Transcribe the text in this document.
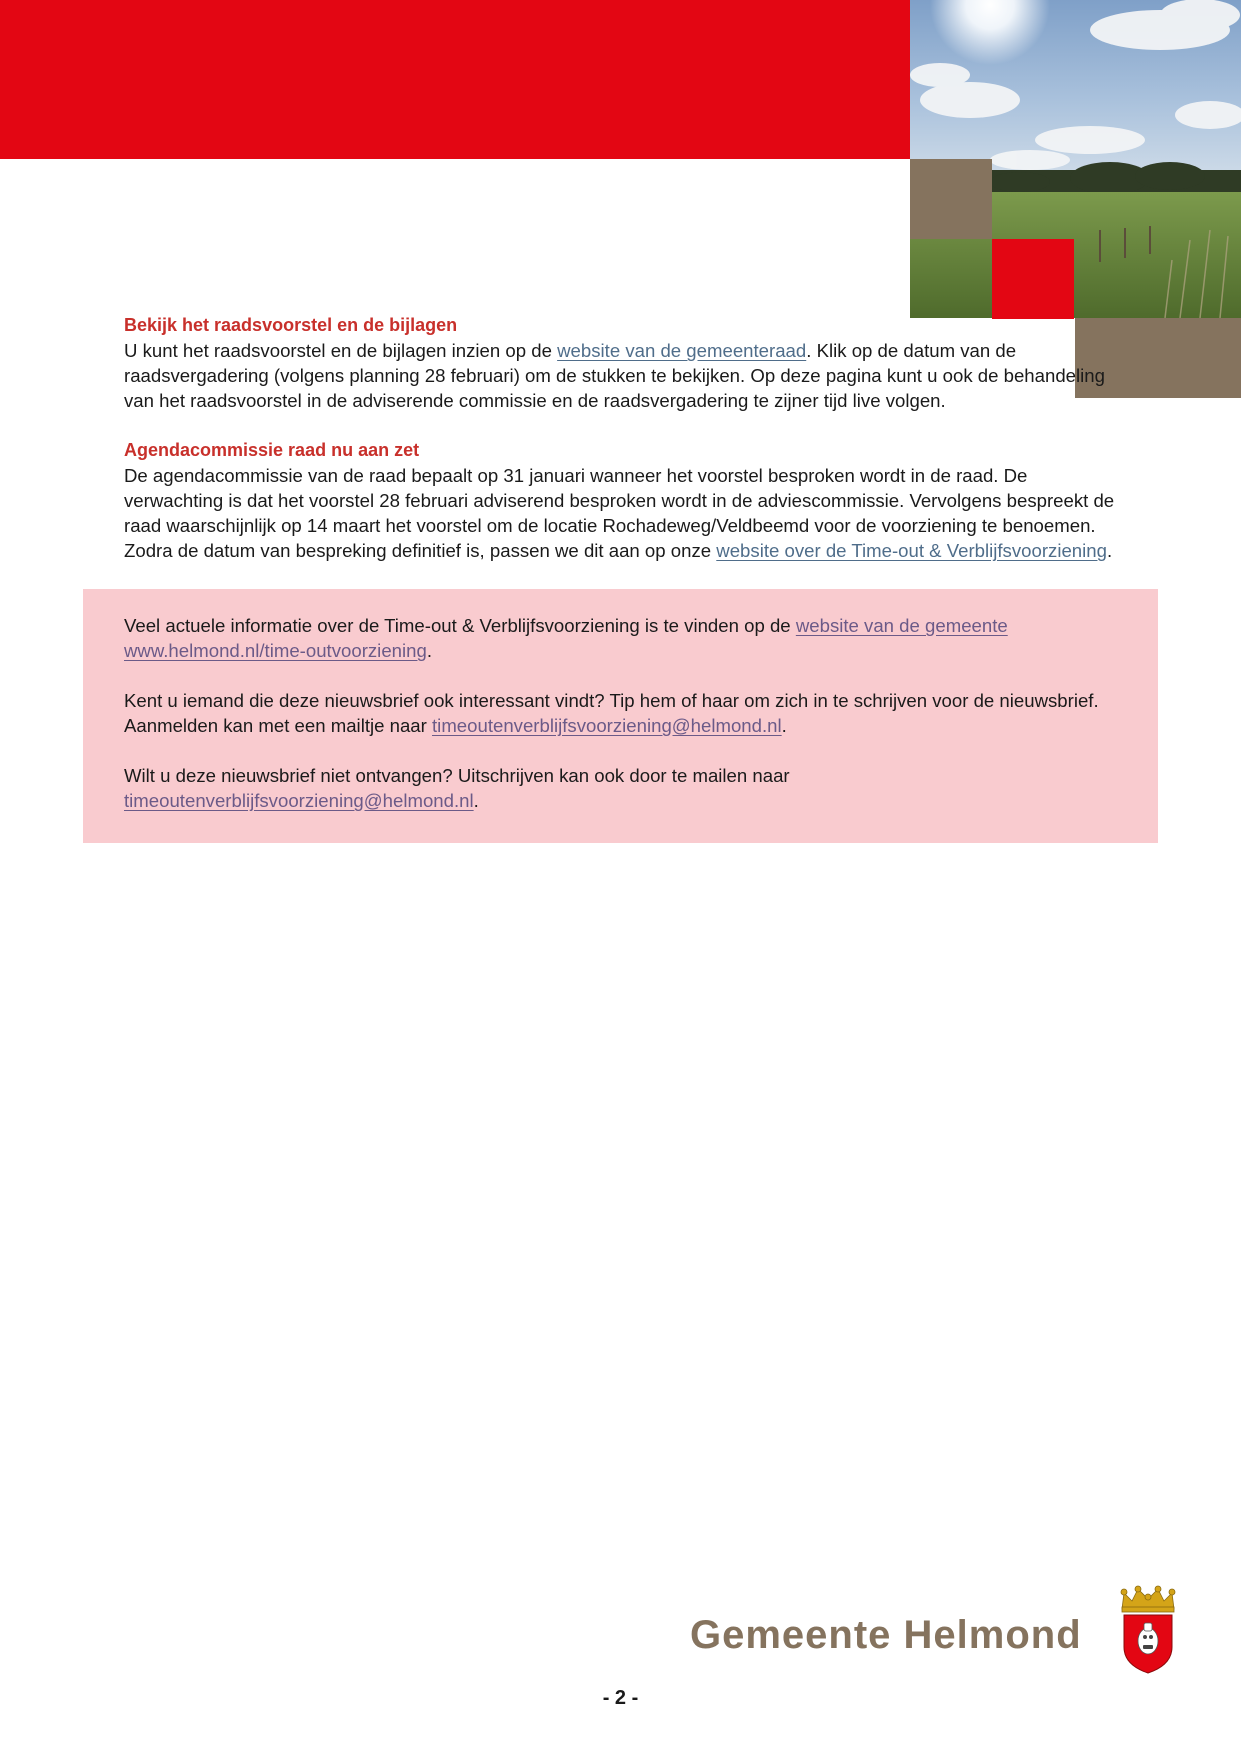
Bekijk het raadsvoorstel en de bijlagen

U kunt het raadsvoorstel en de bijlagen inzien op de website van de gemeenteraad. Klik op de datum van de raadsvergadering (volgens planning 28 februari) om de stukken te bekijken. Op deze pagina kunt u ook de behandeling van het raadsvoorstel in de adviserende commissie en de raadsvergadering te zijner tijd live volgen.

Agendacommissie raad nu aan zet

De agendacommissie van de raad bepaalt op 31 januari wanneer het voorstel besproken wordt in de raad. De verwachting is dat het voorstel 28 februari adviserend besproken wordt in de adviescommissie. Vervolgens bespreekt de raad waarschijnlijk op 14 maart het voorstel om de locatie Rochadeweg/Veldbeemd voor de voorziening te benoemen. Zodra de datum van bespreking definitief is, passen we dit aan op onze website over de Time-out & Verblijfsvoorziening.

Veel actuele informatie over de Time-out & Verblijfsvoorziening is te vinden op de website van de gemeente www.helmond.nl/time-outvoorziening.

Kent u iemand die deze nieuwsbrief ook interessant vindt? Tip hem of haar om zich in te schrijven voor de nieuwsbrief. Aanmelden kan met een mailtje naar timeoutenverblijfsvoorziening@helmond.nl.

Wilt u deze nieuwsbrief niet ontvangen? Uitschrijven kan ook door te mailen naar timeoutenverblijfsvoorziening@helmond.nl.

Gemeente Helmond
- 2 -
